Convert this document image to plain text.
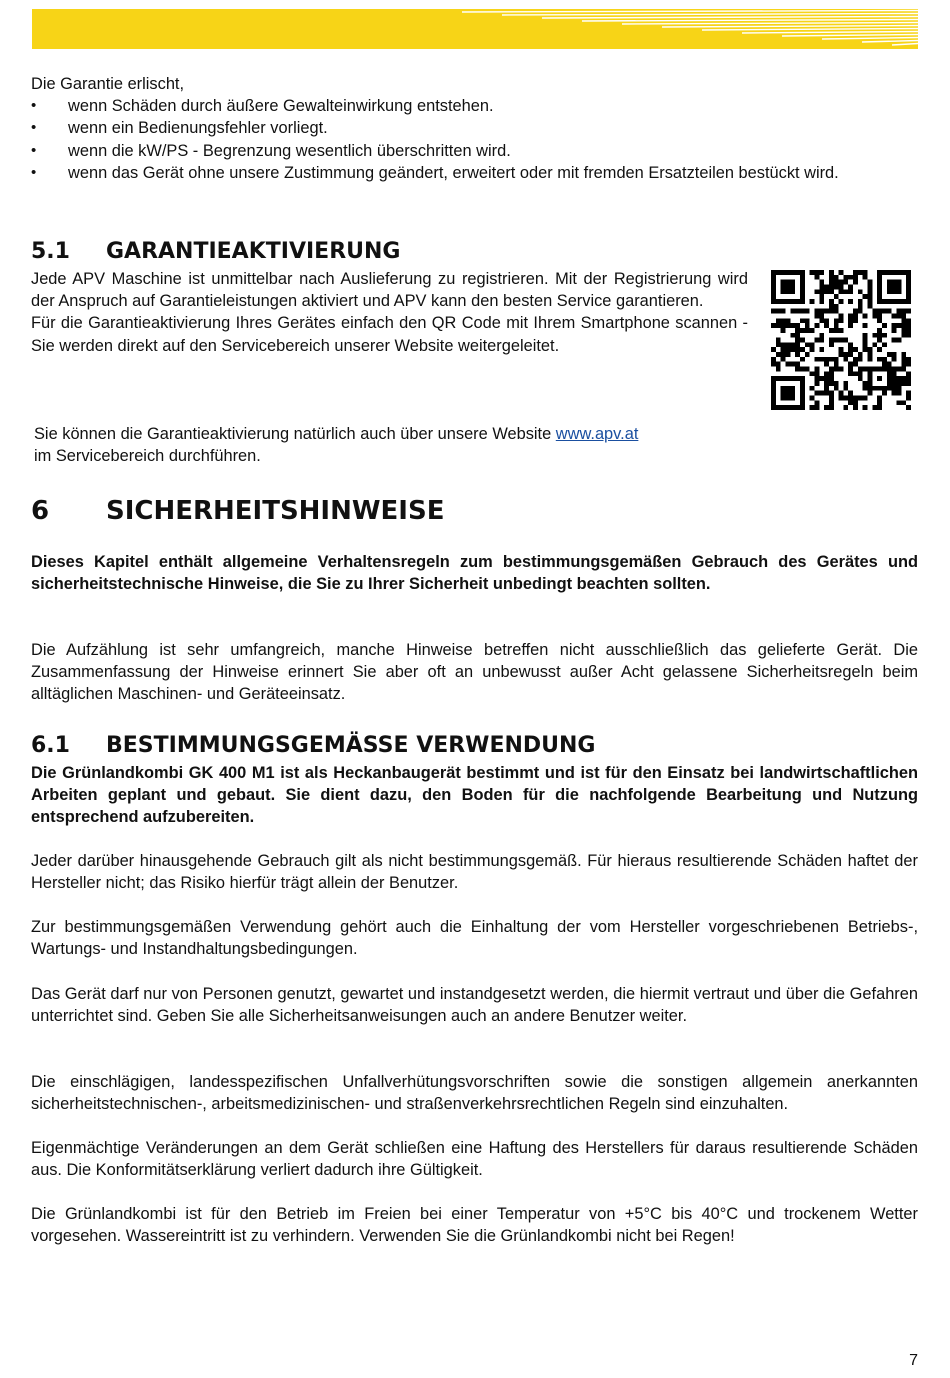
Die Garantie erlischt,

• wenn Schäden durch äußere Gewalteinwirkung entstehen.
• wenn ein Bedienungsfehler vorliegt.
• wenn die kW/PS - Begrenzung wesentlich überschritten wird.
• wenn das Gerät ohne unsere Zustimmung geändert, erweitert oder mit fremden Ersatzteilen bestückt wird.
5.1 GARANTIEAKTIVIERUNG

Jede APV Maschine ist unmittelbar nach Auslieferung zu registrieren. Mit der Registrierung wird der Anspruch auf Garantieleistungen aktiviert und APV kann den besten Service garantieren.

Für die Garantieaktivierung Ihres Gerätes einfach den QR Code mit Ihrem Smartphone scannen - Sie werden direkt auf den Servicebereich unserer Website weitergeleitet.

Sie können die Garantieaktivierung natürlich auch über unsere Website www.apv.at
im Servicebereich durchführen.

6 SICHERHEITSHINWEISE

Dieses Kapitel enthält allgemeine Verhaltensregeln zum bestimmungsgemäßen Gebrauch des Gerätes und sicherheitstechnische Hinweise, die Sie zu Ihrer Sicherheit unbedingt beachten sollten.

Die Aufzählung ist sehr umfangreich, manche Hinweise betreffen nicht ausschließlich das gelieferte Gerät. Die Zusammenfassung der Hinweise erinnert Sie aber oft an unbewusst außer Acht gelassene Sicherheitsregeln beim alltäglichen Maschinen- und Geräteeinsatz.

6.1 BESTIMMUNGSGEMÄSSE VERWENDUNG

Die Grünlandkombi GK 400 M1 ist als Heckanbaugerät bestimmt und ist für den Einsatz bei landwirtschaftlichen Arbeiten geplant und gebaut. Sie dient dazu, den Boden für die nachfolgende Bearbeitung und Nutzung entsprechend aufzubereiten.

Jeder darüber hinausgehende Gebrauch gilt als nicht bestimmungsgemäß. Für hieraus resultierende Schäden haftet der Hersteller nicht; das Risiko hierfür trägt allein der Benutzer.

Zur bestimmungsgemäßen Verwendung gehört auch die Einhaltung der vom Hersteller vorgeschriebenen Betriebs-, Wartungs- und Instandhaltungsbedingungen.

Das Gerät darf nur von Personen genutzt, gewartet und instandgesetzt werden, die hiermit vertraut und über die Gefahren unterrichtet sind. Geben Sie alle Sicherheitsanweisungen auch an andere Benutzer weiter.

Die einschlägigen, landesspezifischen Unfallverhütungsvorschriften sowie die sonstigen allgemein anerkannten sicherheitstechnischen-, arbeitsmedizinischen- und straßenverkehrsrechtlichen Regeln sind einzuhalten.

Eigenmächtige Veränderungen an dem Gerät schließen eine Haftung des Herstellers für daraus resultierende Schäden aus. Die Konformitätserklärung verliert dadurch ihre Gültigkeit.

Die Grünlandkombi ist für den Betrieb im Freien bei einer Temperatur von +5°C bis 40°C und trockenem Wetter vorgesehen. Wassereintritt ist zu verhindern. Verwenden Sie die Grünlandkombi nicht bei Regen!

7
